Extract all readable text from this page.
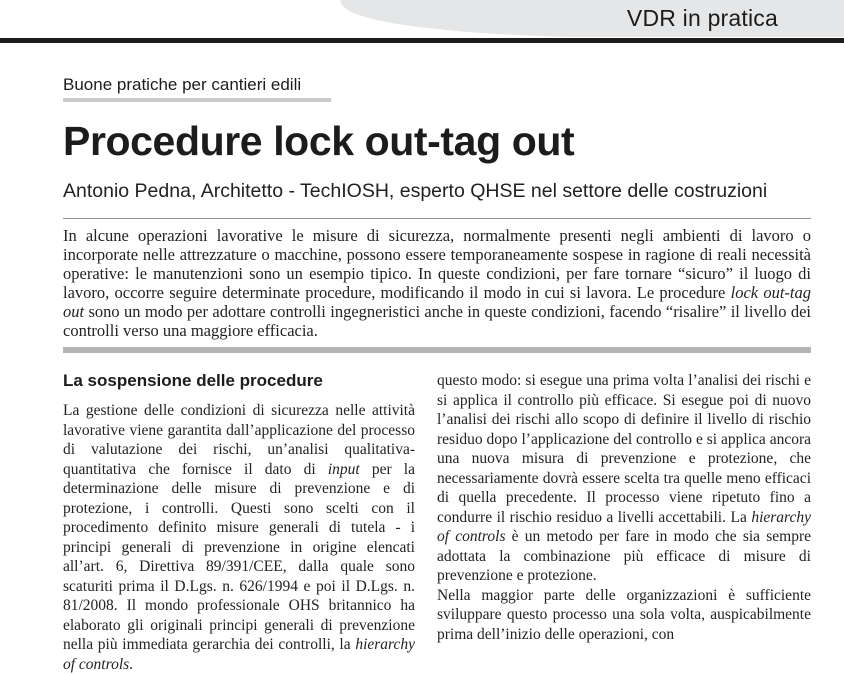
VDR in pratica
Buone pratiche per cantieri edili
Procedure lock out-tag out
Antonio Pedna, Architetto - TechIOSH, esperto QHSE nel settore delle costruzioni

In alcune operazioni lavorative le misure di sicurezza, normalmente presenti negli ambienti di lavoro o incorporate nelle attrezzature o macchine, possono essere temporaneamente sospese in ragione di reali necessità operative: le manutenzioni sono un esempio tipico. In queste condizioni, per fare tornare “sicuro” il luogo di lavoro, occorre seguire determinate procedure, modificando il modo in cui si lavora. Le procedure lock out-tag out sono un modo per adottare controlli ingegneristici anche in queste condizioni, facendo “risalire” il livello dei controlli verso una maggiore efficacia.

La sospensione delle procedure

La gestione delle condizioni di sicurezza nelle attività lavorative viene garantita dall’applicazione del processo di valutazione dei rischi, un’analisi qualitativa-quantitativa che fornisce il dato di input per la determinazione delle misure di prevenzione e di protezione, i controlli. Questi sono scelti con il procedimento definito misure generali di tutela - i principi generali di prevenzione in origine elencati all’art. 6, Direttiva 89/391/CEE, dalla quale sono scaturiti prima il D.Lgs. n. 626/1994 e poi il D.Lgs. n. 81/2008. Il mondo professionale OHS britannico ha elaborato gli originali principi generali di prevenzione nella più immediata gerarchia dei controlli, la hierarchy of controls.

questo modo: si esegue una prima volta l’analisi dei rischi e si applica il controllo più efficace. Si esegue poi di nuovo l’analisi dei rischi allo scopo di definire il livello di rischio residuo dopo l’applicazione del controllo e si applica ancora una nuova misura di prevenzione e protezione, che necessariamente dovrà essere scelta tra quelle meno efficaci di quella precedente. Il processo viene ripetuto fino a condurre il rischio residuo a livelli accettabili. La hierarchy of controls è un metodo per fare in modo che sia sempre adottata la combinazione più efficace di misure di prevenzione e protezione.

Nella maggior parte delle organizzazioni è sufficiente sviluppare questo processo una sola volta, auspicabilmente prima dell’inizio delle operazioni, con
